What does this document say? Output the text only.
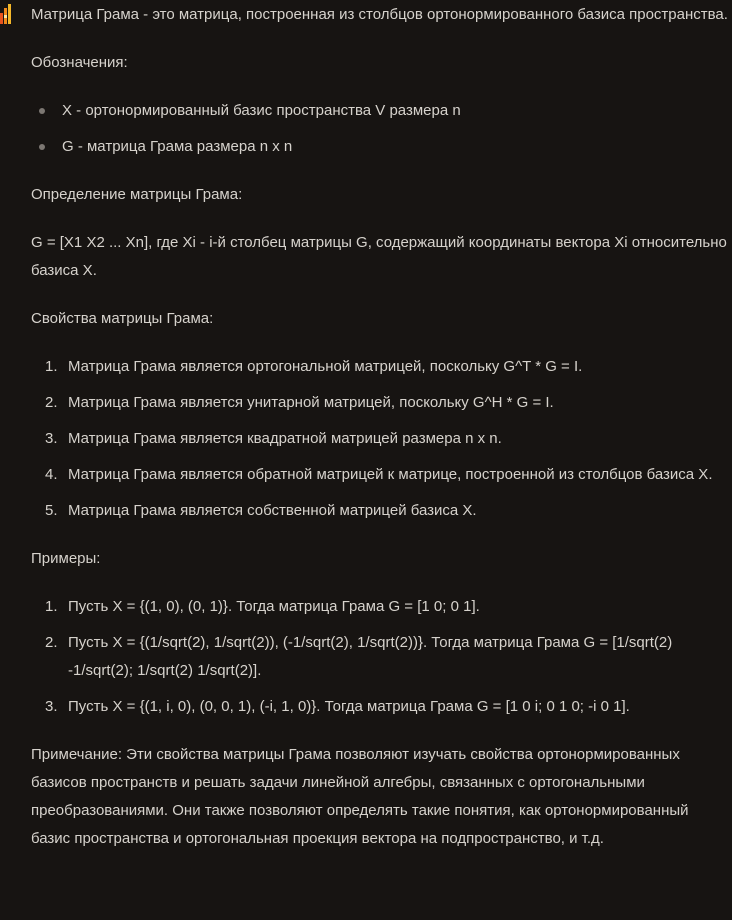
Матрица Грама - это матрица, построенная из столбцов ортонормированного базиса пространства.

Обозначения:

X - ортонормированный базис пространства V размера n
G - матрица Грама размера n x n

Определение матрицы Грама:

G = [X1 X2 ... Xn], где Xi - i-й столбец матрицы G, содержащий координаты вектора Xi относительно базиса X.

Свойства матрицы Грама:

1. Матрица Грама является ортогональной матрицей, поскольку G^T * G = I.
2. Матрица Грама является унитарной матрицей, поскольку G^H * G = I.
3. Матрица Грама является квадратной матрицей размера n x n.
4. Матрица Грама является обратной матрицей к матрице, построенной из столбцов базиса X.
5. Матрица Грама является собственной матрицей базиса X.

Примеры:

1. Пусть X = {(1, 0), (0, 1)}. Тогда матрица Грама G = [1 0; 0 1].
2. Пусть X = {(1/sqrt(2), 1/sqrt(2)), (-1/sqrt(2), 1/sqrt(2))}. Тогда матрица Грама G = [1/sqrt(2) -1/sqrt(2); 1/sqrt(2) 1/sqrt(2)].
3. Пусть X = {(1, i, 0), (0, 0, 1), (-i, 1, 0)}. Тогда матрица Грама G = [1 0 i; 0 1 0; -i 0 1].

Примечание: Эти свойства матрицы Грама позволяют изучать свойства ортонормированных базисов пространств и решать задачи линейной алгебры, связанных с ортогональными преобразованиями. Они также позволяют определять такие понятия, как ортонормированный базис пространства и ортогональная проекция вектора на подпространство, и т.д.
